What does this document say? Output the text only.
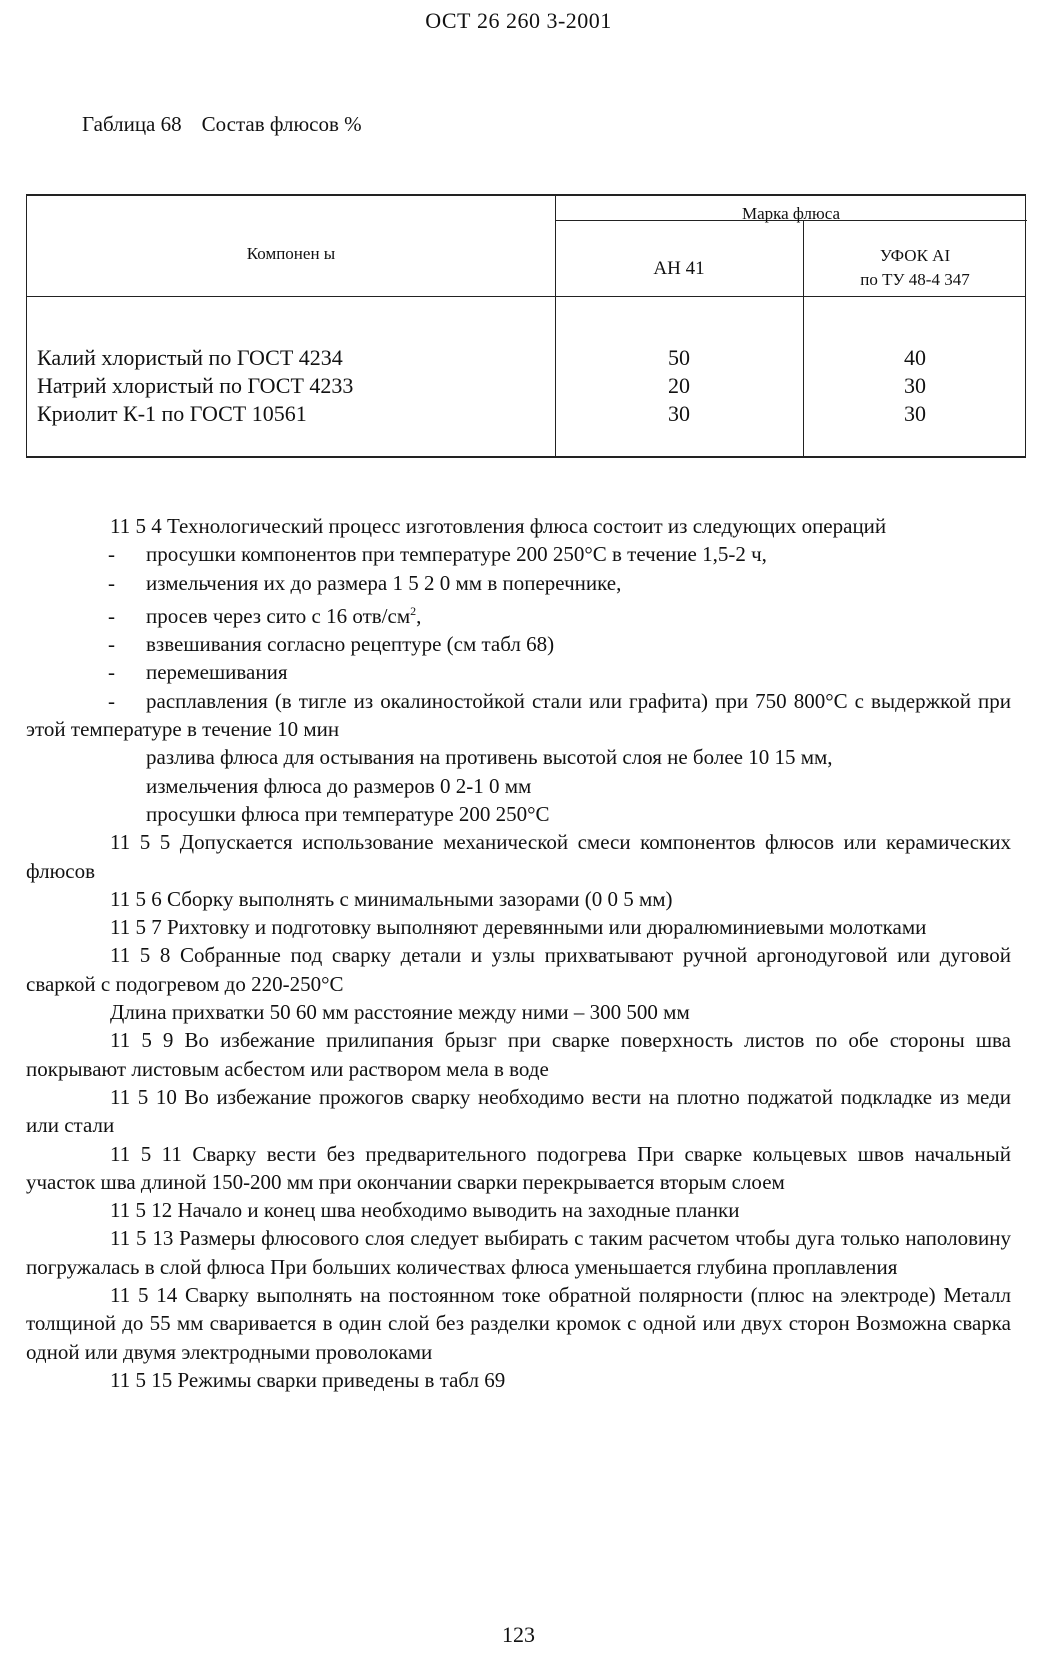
ОСТ 26 260 3-2001
Габлица 68 Состав флюсов %
Компонен ы
Марка флюса
АН 41
УФОК AI
по ТУ 48-4 347
Калий хлористый по ГОСТ 4234
Натрий хлористый по ГОСТ 4233
Криолит К-1 по ГОСТ 10561
50
20
30
40
30
30

11 5 4 Технологический процесс изготовления флюса состоит из следующих операций

- просушки компонентов при температуре 200 250°С в течение 1,5-2 ч,

- измельчения их до размера 1 5 2 0 мм в поперечнике,

- просев через сито с 16 отв/$см^2$,

- взвешивания согласно рецептуре (см табл 68)

- перемешивания

- расплавления (в тигле из окалиностойкой стали или графита) при 750 800°С с выдержкой при этой температуре в течение 10 мин

разлива флюса для остывания на противень высотой слоя не более 10 15 мм,

измельчения флюса до размеров 0 2-1 0 мм

просушки флюса при температуре 200 250°С

11 5 5 Допускается использование механической смеси компонентов флюсов или керамических флюсов

11 5 6 Сборку выполнять с минимальными зазорами (0 0 5 мм)

11 5 7 Рихтовку и подготовку выполняют деревянными или дюралюминиевыми молотками

11 5 8 Собранные под сварку детали и узлы прихватывают ручной аргонодуговой или дуговой сваркой с подогревом до 220-250°С

Длина прихватки 50 60 мм расстояние между ними – 300 500 мм

11 5 9 Во избежание прилипания брызг при сварке поверхность листов по обе стороны шва покрывают листовым асбестом или раствором мела в воде

11 5 10 Во избежание прожогов сварку необходимо вести на плотно поджатой подкладке из меди или стали

11 5 11 Сварку вести без предварительного подогрева При сварке кольцевых швов начальный участок шва длиной 150-200 мм при окончании сварки перекрывается вторым слоем

11 5 12 Начало и конец шва необходимо выводить на заходные планки

11 5 13 Размеры флюсового слоя следует выбирать с таким расчетом чтобы дуга только наполовину погружалась в слой флюса При больших количествах флюса уменьшается глубина проплавления

11 5 14 Сварку выполнять на постоянном токе обратной полярности (плюс на электроде) Металл толщиной до 55 мм сваривается в один слой без разделки кромок с одной или двух сторон Возможна сварка одной или двумя электродными проволоками

11 5 15 Режимы сварки приведены в табл 69

123
